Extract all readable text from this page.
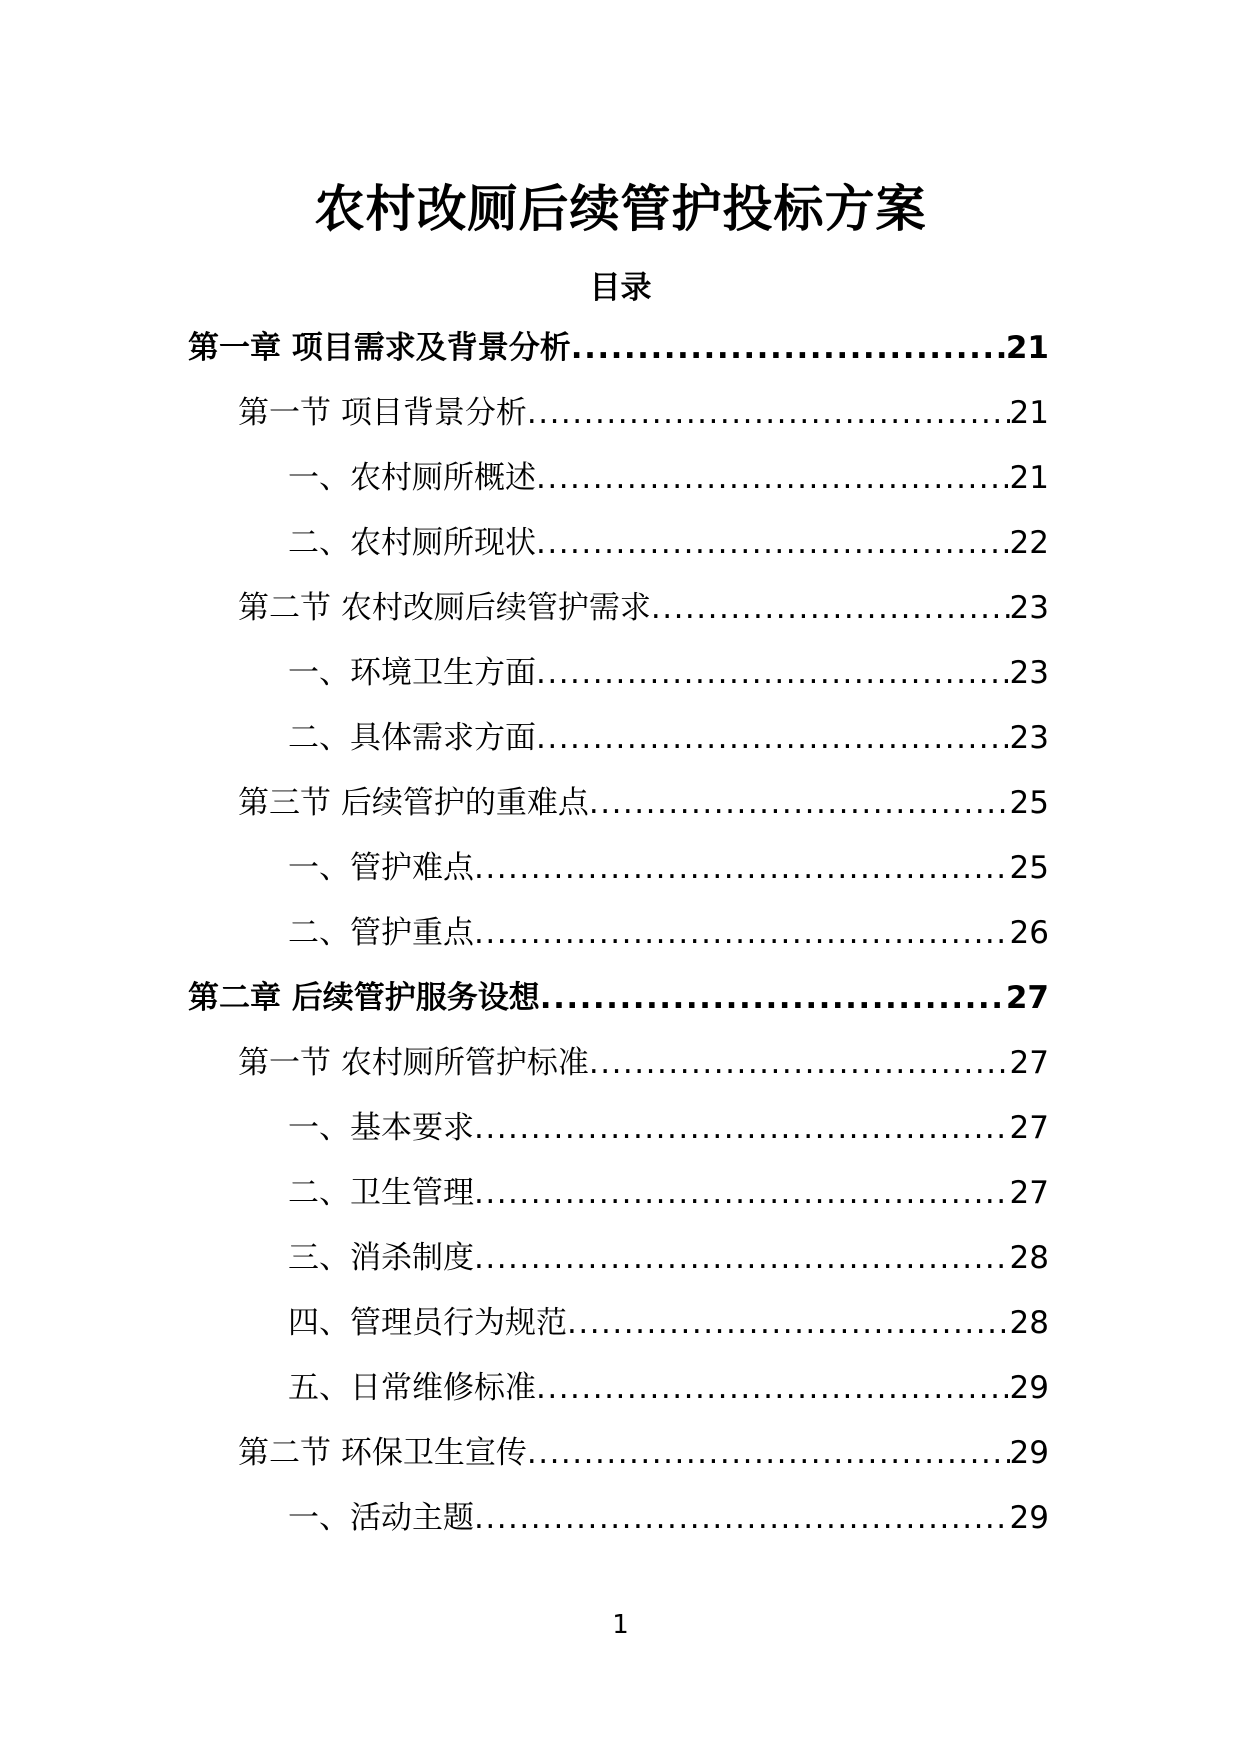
农村改厕后续管护投标方案
目录
第一章 项目需求及背景分析 .....	21
第一节 项目背景分析 .....	21
一、农村厕所概述 .....	21
二、农村厕所现状 .....	22
第二节 农村改厕后续管护需求 .....	23
一、环境卫生方面 .....	23
二、具体需求方面 .....	23
第三节 后续管护的重难点 .....	25
一、管护难点 .....	25
二、管护重点 .....	26
第二章 后续管护服务设想 .....	27
第一节 农村厕所管护标准 .....	27
一、基本要求 .....	27
二、卫生管理 .....	27
三、消杀制度 .....	28
四、管理员行为规范 .....	28
五、日常维修标准 .....	29
第二节 环保卫生宣传 .....	29
一、活动主题 .....	29
1
